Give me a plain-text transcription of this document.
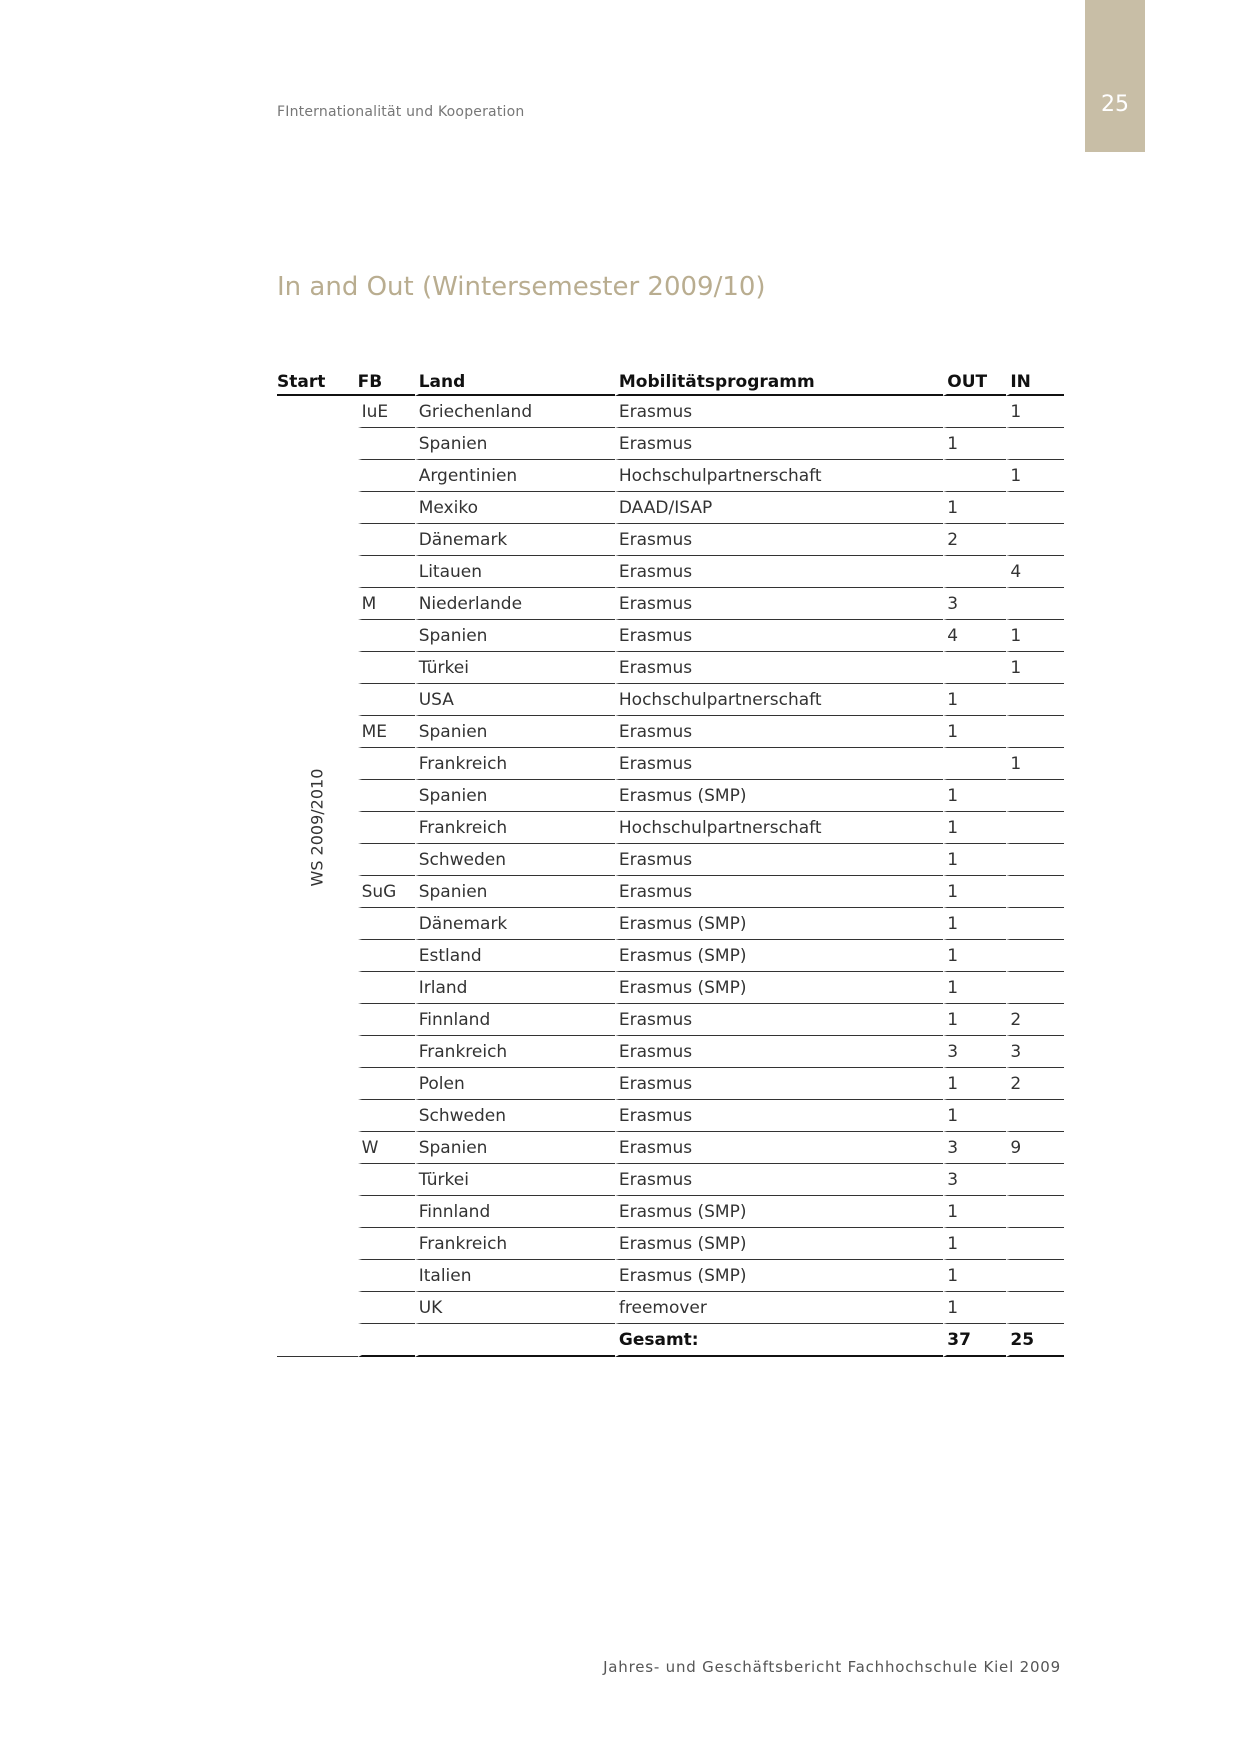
25
FInternationalität und Kooperation
In and Out (Wintersemester 2009/10)
Start	FB	Land	Mobilitätsprogramm	OUT	IN

WS 2009/2010	IuE	Griechenland	Erasmus		1
		Spanien	Erasmus	1	
		Argentinien	Hochschulpartnerschaft		1
		Mexiko	DAAD/ISAP	1	
		Dänemark	Erasmus	2	
		Litauen	Erasmus		4
	M	Niederlande	Erasmus	3	
		Spanien	Erasmus	4	1
		Türkei	Erasmus		1
		USA	Hochschulpartnerschaft	1	
	ME	Spanien	Erasmus	1	
		Frankreich	Erasmus		1
		Spanien	Erasmus (SMP)	1	
		Frankreich	Hochschulpartnerschaft	1	
		Schweden	Erasmus	1	
	SuG	Spanien	Erasmus	1	
		Dänemark	Erasmus (SMP)	1	
		Estland	Erasmus (SMP)	1	
		Irland	Erasmus (SMP)	1	
		Finnland	Erasmus	1	2
		Frankreich	Erasmus	3	3
		Polen	Erasmus	1	2
		Schweden	Erasmus	1	
	W	Spanien	Erasmus	3	9
		Türkei	Erasmus	3	
		Finnland	Erasmus (SMP)	1	
		Frankreich	Erasmus (SMP)	1	
		Italien	Erasmus (SMP)	1	
		UK	freemover	1	
			Gesamt:	37	25
Jahres- und Geschäftsbericht Fachhochschule Kiel 2009
